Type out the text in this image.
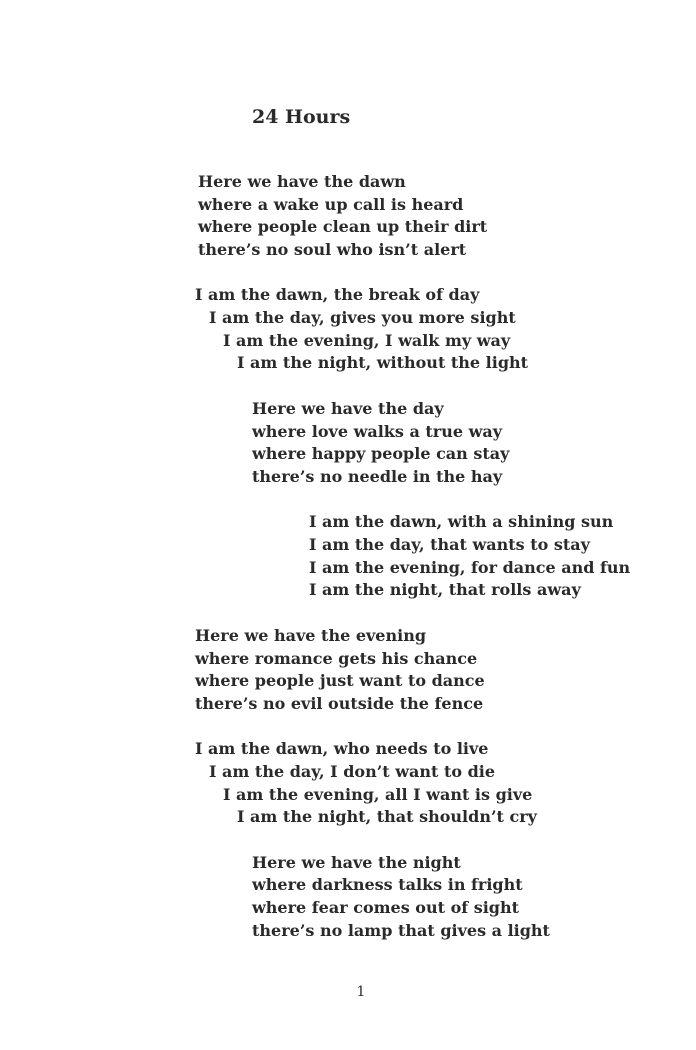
24 Hours
Here we have the dawn
where a wake up call is heard
where people clean up their dirt
there’s no soul who isn’t alert
I am the dawn, the break of day
I am the day, gives you more sight
I am the evening, I walk my way
I am the night, without the light
Here we have the day
where love walks a true way
where happy people can stay
there’s no needle in the hay
I am the dawn, with a shining sun
I am the day, that wants to stay
I am the evening, for dance and fun
I am the night, that rolls away
Here we have the evening
where romance gets his chance
where people just want to dance
there’s no evil outside the fence
I am the dawn, who needs to live
I am the day, I don’t want to die
I am the evening, all I want is give
I am the night, that shouldn’t cry
Here we have the night
where darkness talks in fright
where fear comes out of sight
there’s no lamp that gives a light
1
